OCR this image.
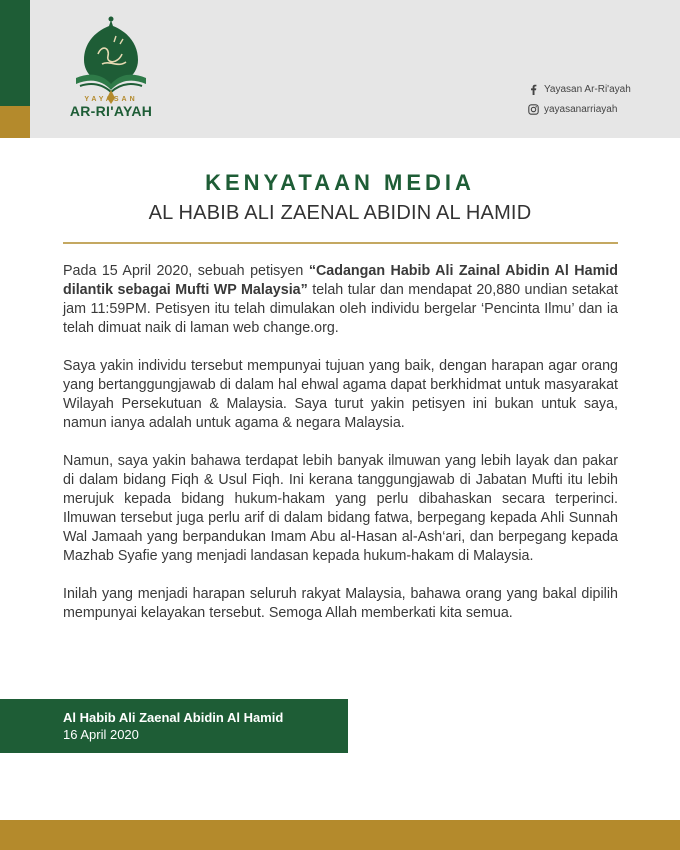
YAYASAN
AR-RI'AYAH
Yayasan Ar-Ri'ayah
yayasanarriayah
KENYATAAN MEDIA
AL HABIB ALI ZAENAL ABIDIN AL HAMID

Pada 15 April 2020, sebuah petisyen “Cadangan Habib Ali Zainal Abidin Al Hamid dilantik sebagai Mufti WP Malaysia” telah tular dan mendapat 20,880 undian setakat jam 11:59PM. Petisyen itu telah dimulakan oleh individu bergelar ‘Pencinta Ilmu’ dan ia telah dimuat naik di laman web change.org.

Saya yakin individu tersebut mempunyai tujuan yang baik, dengan harapan agar orang yang bertanggungjawab di dalam hal ehwal agama dapat berkhidmat untuk masyarakat Wilayah Persekutuan & Malaysia. Saya turut yakin petisyen ini bukan untuk saya, namun ianya adalah untuk agama & negara Malaysia.

Namun, saya yakin bahawa terdapat lebih banyak ilmuwan yang lebih layak dan pakar di dalam bidang Fiqh & Usul Fiqh. Ini kerana tanggungjawab di Jabatan Mufti itu lebih merujuk kepada bidang hukum-hakam yang perlu dibahaskan secara terperinci. Ilmuwan tersebut juga perlu arif di dalam bidang fatwa, berpegang kepada Ahli Sunnah Wal Jamaah yang berpandukan Imam Abu al-Hasan al-Ash‘ari, dan berpegang kepada Mazhab Syafie yang menjadi landasan kepada hukum-hakam di Malaysia.

Inilah yang menjadi harapan seluruh rakyat Malaysia, bahawa orang yang bakal dipilih mempunyai kelayakan tersebut. Semoga Allah memberkati kita semua.

Al Habib Ali Zaenal Abidin Al Hamid
16 April 2020
